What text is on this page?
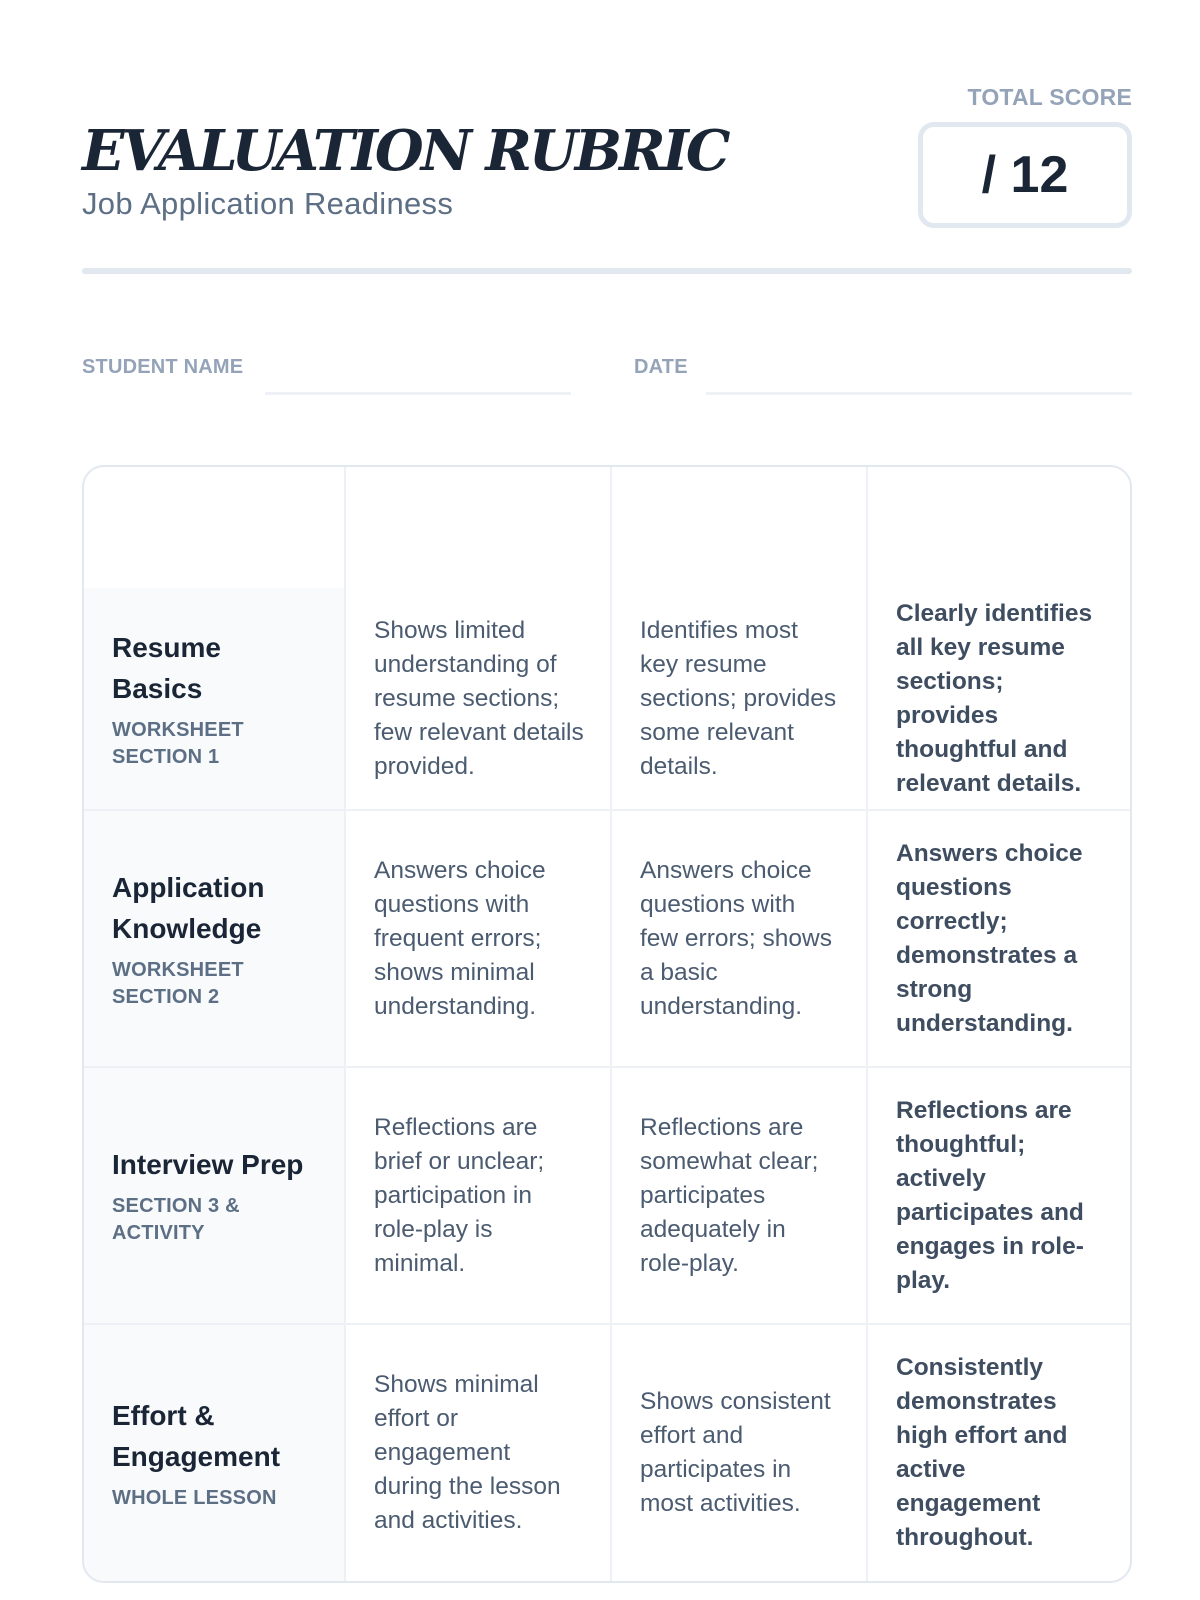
EVALUATION RUBRIC
Job Application Readiness
TOTAL SCORE
/ 12
STUDENT NAME	DATE
Resume Basics
WORKSHEET SECTION 1
Shows limited understanding of resume sections; few relevant details provided.
Identifies most key resume sections; provides some relevant details.
Clearly identifies all key resume sections; provides thoughtful and relevant details.
Application Knowledge
WORKSHEET SECTION 2
Answers choice questions with frequent errors; shows minimal understanding.
Answers choice questions with few errors; shows a basic understanding.
Answers choice questions correctly; demonstrates a strong understanding.
Interview Prep
SECTION 3 & ACTIVITY
Reflections are brief or unclear; participation in role-play is minimal.
Reflections are somewhat clear; participates adequately in role-play.
Reflections are thoughtful; actively participates and engages in role-play.
Effort & Engagement
WHOLE LESSON
Shows minimal effort or engagement during the lesson and activities.
Shows consistent effort and participates in most activities.
Consistently demonstrates high effort and active engagement throughout.
